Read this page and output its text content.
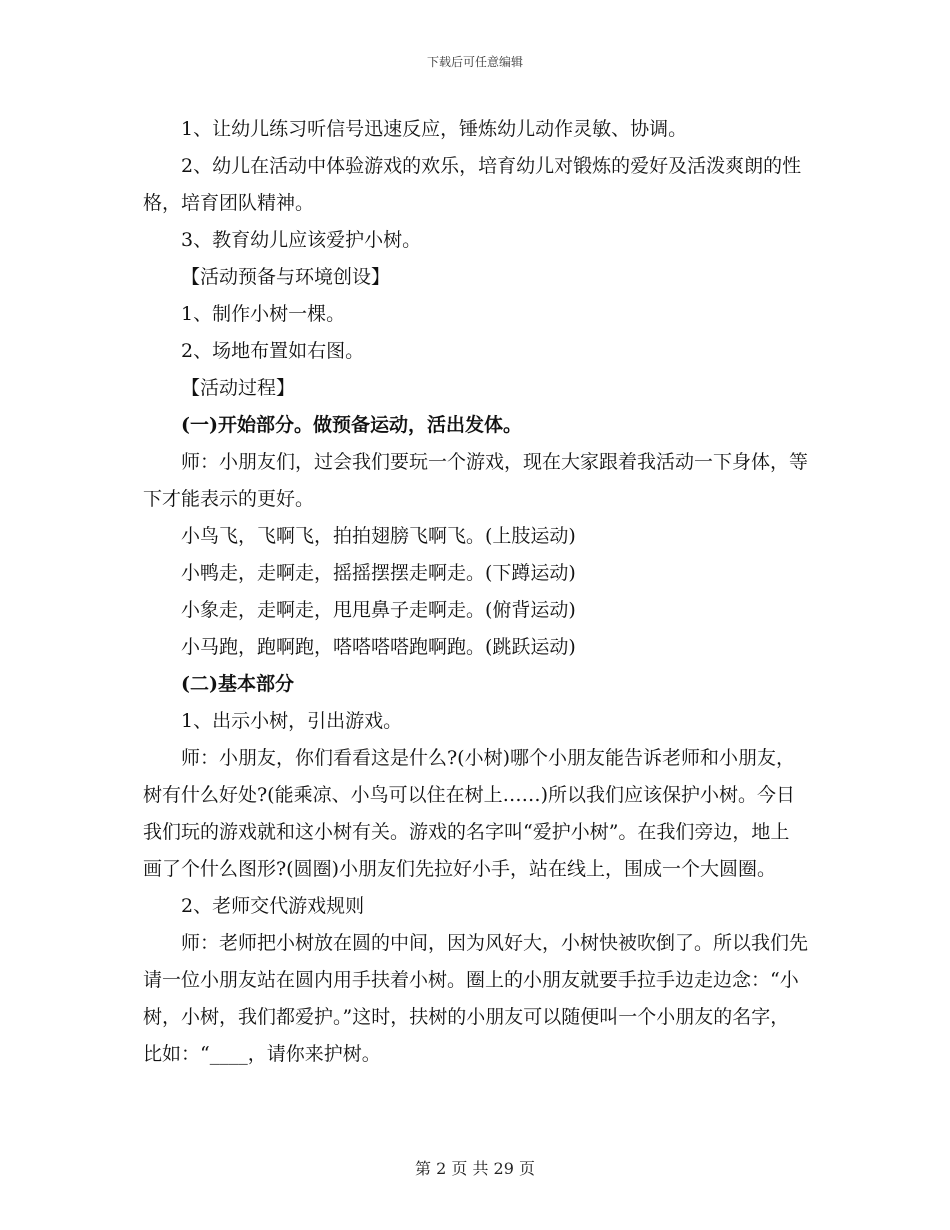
下载后可任意编辑

1、让幼儿练习听信号迅速反应，锤炼幼儿动作灵敏、协调。

2、幼儿在活动中体验游戏的欢乐，培育幼儿对锻炼的爱好及活泼爽朗的性格，培育团队精神。

3、教育幼儿应该爱护小树。

【活动预备与环境创设】

1、制作小树一棵。

2、场地布置如右图。

【活动过程】

(一)开始部分。做预备运动，活出发体。

师：小朋友们，过会我们要玩一个游戏，现在大家跟着我活动一下身体，等下才能表示的更好。

小鸟飞，飞啊飞，拍拍翅膀飞啊飞。(上肢运动)

小鸭走，走啊走，摇摇摆摆走啊走。(下蹲运动)

小象走，走啊走，甩甩鼻子走啊走。(俯背运动)

小马跑，跑啊跑，嗒嗒嗒嗒跑啊跑。(跳跃运动)

(二)基本部分

1、出示小树，引出游戏。

师：小朋友，你们看看这是什么?(小树)哪个小朋友能告诉老师和小朋友，树有什么好处?(能乘凉、小鸟可以住在树上……)所以我们应该保护小树。今日我们玩的游戏就和这小树有关。游戏的名字叫“爱护小树”。在我们旁边，地上画了个什么图形?(圆圈)小朋友们先拉好小手，站在线上，围成一个大圆圈。

2、老师交代游戏规则

师：老师把小树放在圆的中间，因为风好大，小树快被吹倒了。所以我们先请一位小朋友站在圆内用手扶着小树。圈上的小朋友就要手拉手边走边念：“小树，小树，我们都爱护。”这时，扶树的小朋友可以随便叫一个小朋友的名字，比如：“____，请你来护树。

第 2 页 共 29 页
